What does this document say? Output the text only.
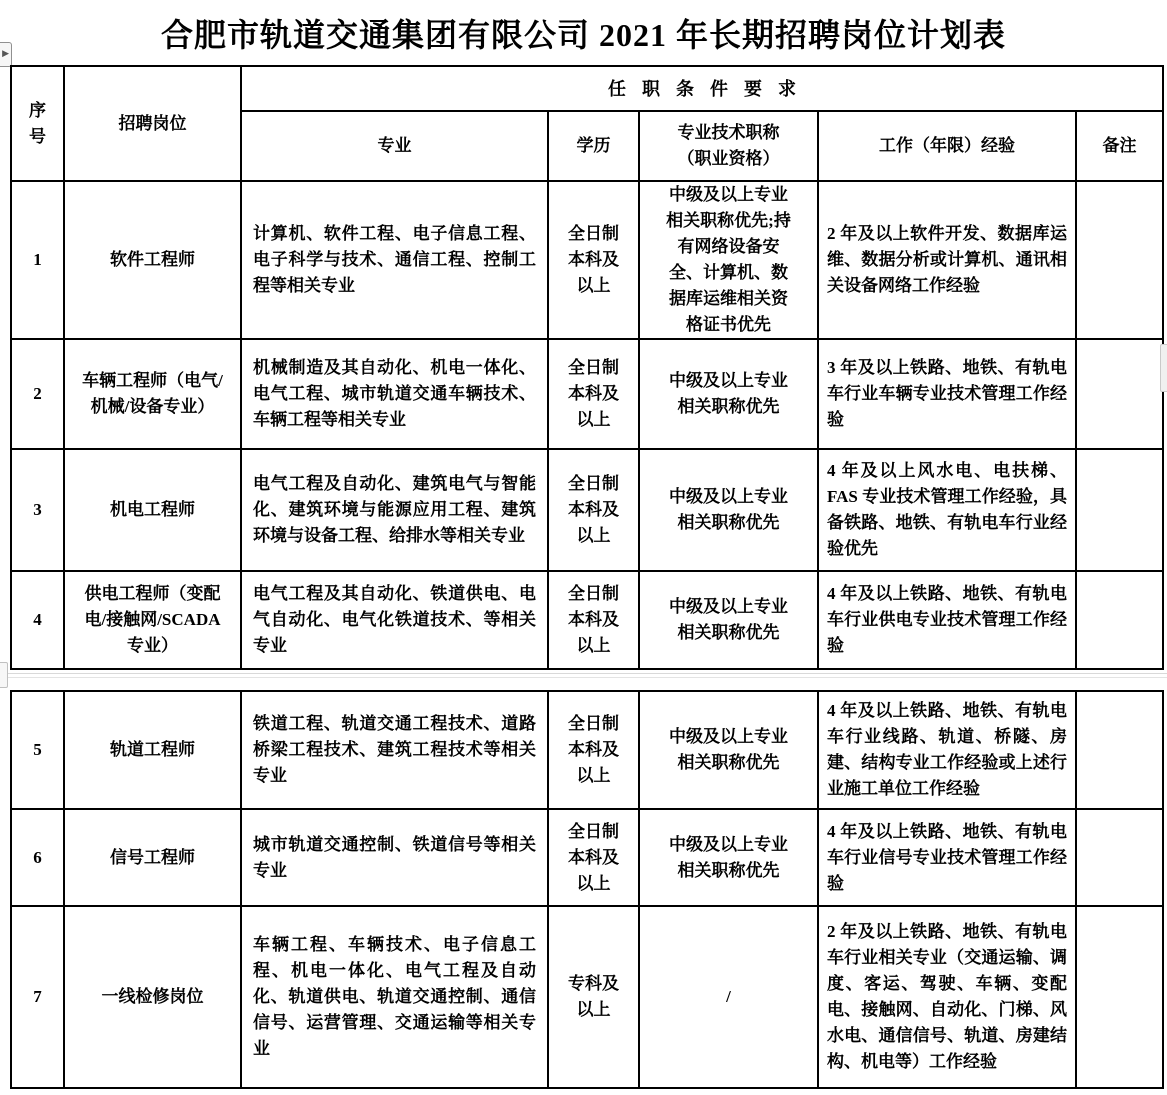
▶
合肥市轨道交通集团有限公司 2021 年长期招聘岗位计划表
序号	招聘岗位	任职条件要求				
		专业	学历	专业技术职称（职业资格）	工作（年限）经验	备注
1	软件工程师	计算机、软件工程、电子信息工程、电子科学与技术、通信工程、控制工程等相关专业	全日制本科及以上	中级及以上专业相关职称优先;持有网络设备安全、计算机、数据库运维相关资格证书优先	2 年及以上软件开发、数据库运维、数据分析或计算机、通讯相关设备网络工作经验	
2	车辆工程师（电气/机械/设备专业）	机械制造及其自动化、机电一体化、电气工程、城市轨道交通车辆技术、车辆工程等相关专业	全日制本科及以上	中级及以上专业相关职称优先	3 年及以上铁路、地铁、有轨电车行业车辆专业技术管理工作经验	
3	机电工程师	电气工程及自动化、建筑电气与智能化、建筑环境与能源应用工程、建筑环境与设备工程、给排水等相关专业	全日制本科及以上	中级及以上专业相关职称优先	4 年及以上风水电、电扶梯、FAS 专业技术管理工作经验，具备铁路、地铁、有轨电车行业经验优先	
4	供电工程师（变配电/接触网/SCADA 专业）	电气工程及其自动化、铁道供电、电气自动化、电气化铁道技术、等相关专业	全日制本科及以上	中级及以上专业相关职称优先	4 年及以上铁路、地铁、有轨电车行业供电专业技术管理工作经验	
5	轨道工程师	铁道工程、轨道交通工程技术、道路桥梁工程技术、建筑工程技术等相关专业	全日制本科及以上	中级及以上专业相关职称优先	4 年及以上铁路、地铁、有轨电车行业线路、轨道、桥隧、房建、结构专业工作经验或上述行业施工单位工作经验	
6	信号工程师	城市轨道交通控制、铁道信号等相关专业	全日制本科及以上	中级及以上专业相关职称优先	4 年及以上铁路、地铁、有轨电车行业信号专业技术管理工作经验	
7	一线检修岗位	车辆工程、车辆技术、电子信息工程、机电一体化、电气工程及自动化、轨道供电、轨道交通控制、通信信号、运营管理、交通运输等相关专业	专科及以上	/	2 年及以上铁路、地铁、有轨电车行业相关专业（交通运输、调度、客运、驾驶、车辆、变配电、接触网、自动化、门梯、风水电、通信信号、轨道、房建结构、机电等）工作经验	
